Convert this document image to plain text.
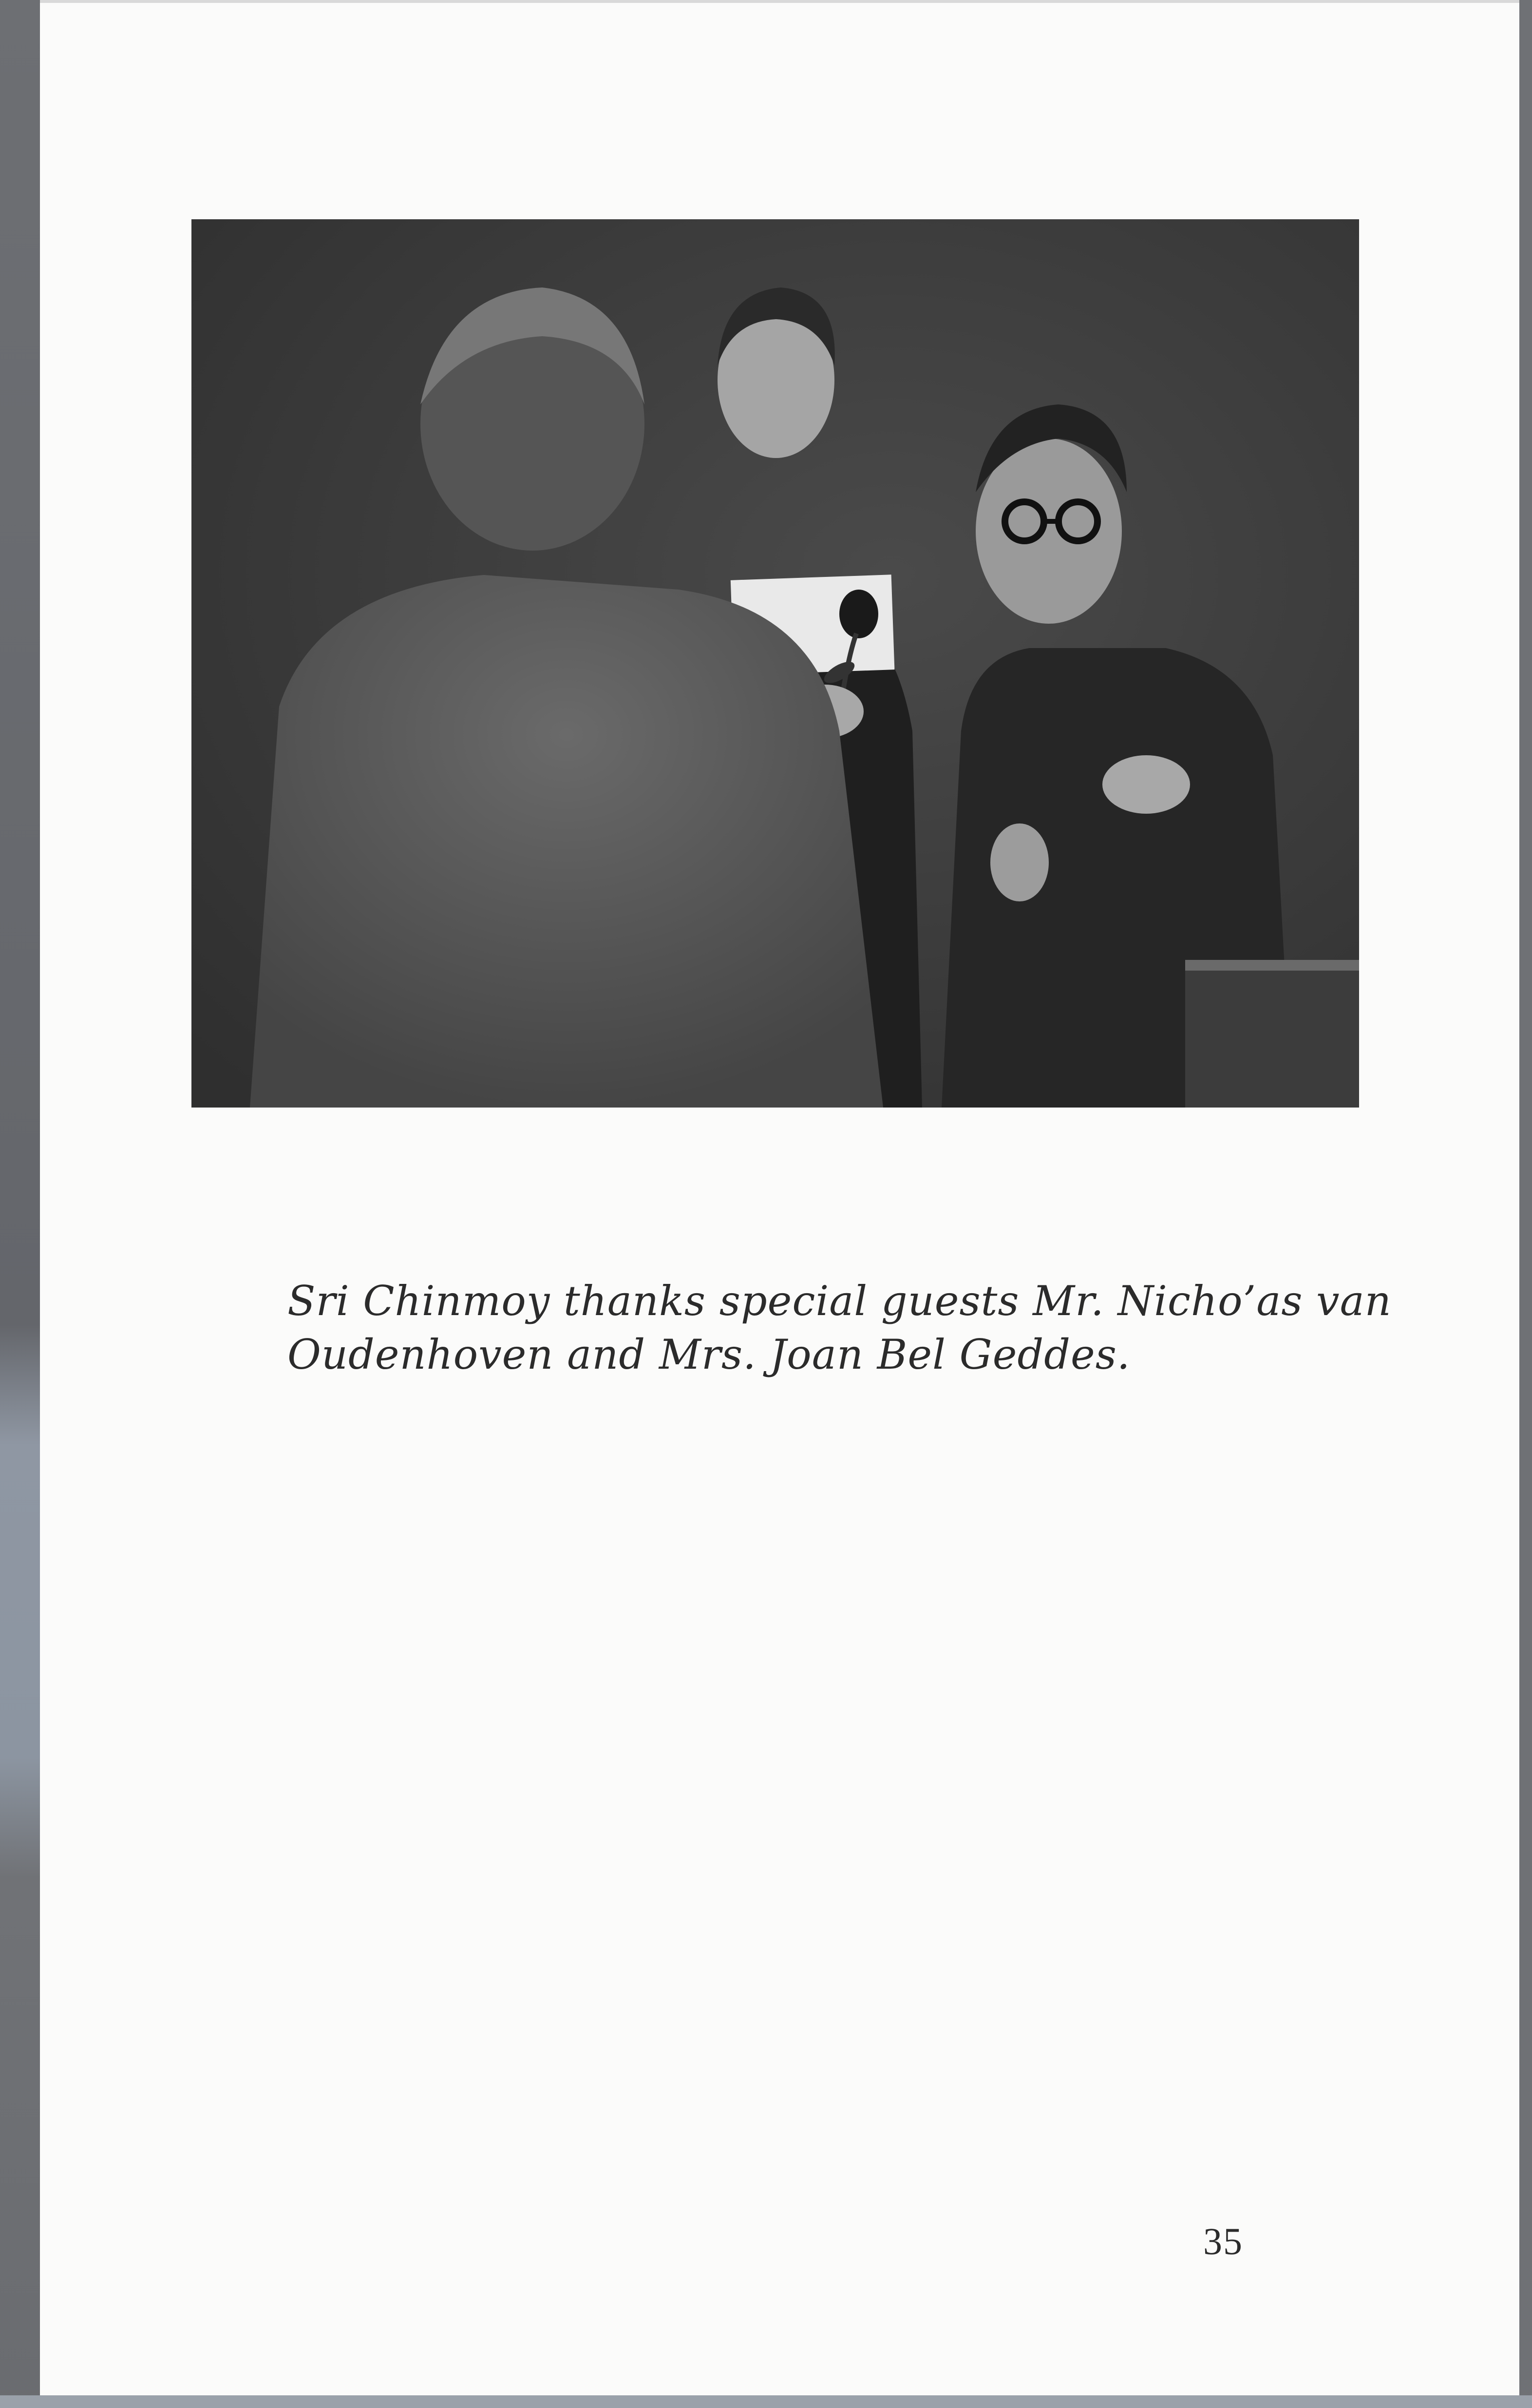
Sri Chinmoy thanks special guests Mr. Nicho’as van
Oudenhoven and Mrs. Joan Bel Geddes.
35
